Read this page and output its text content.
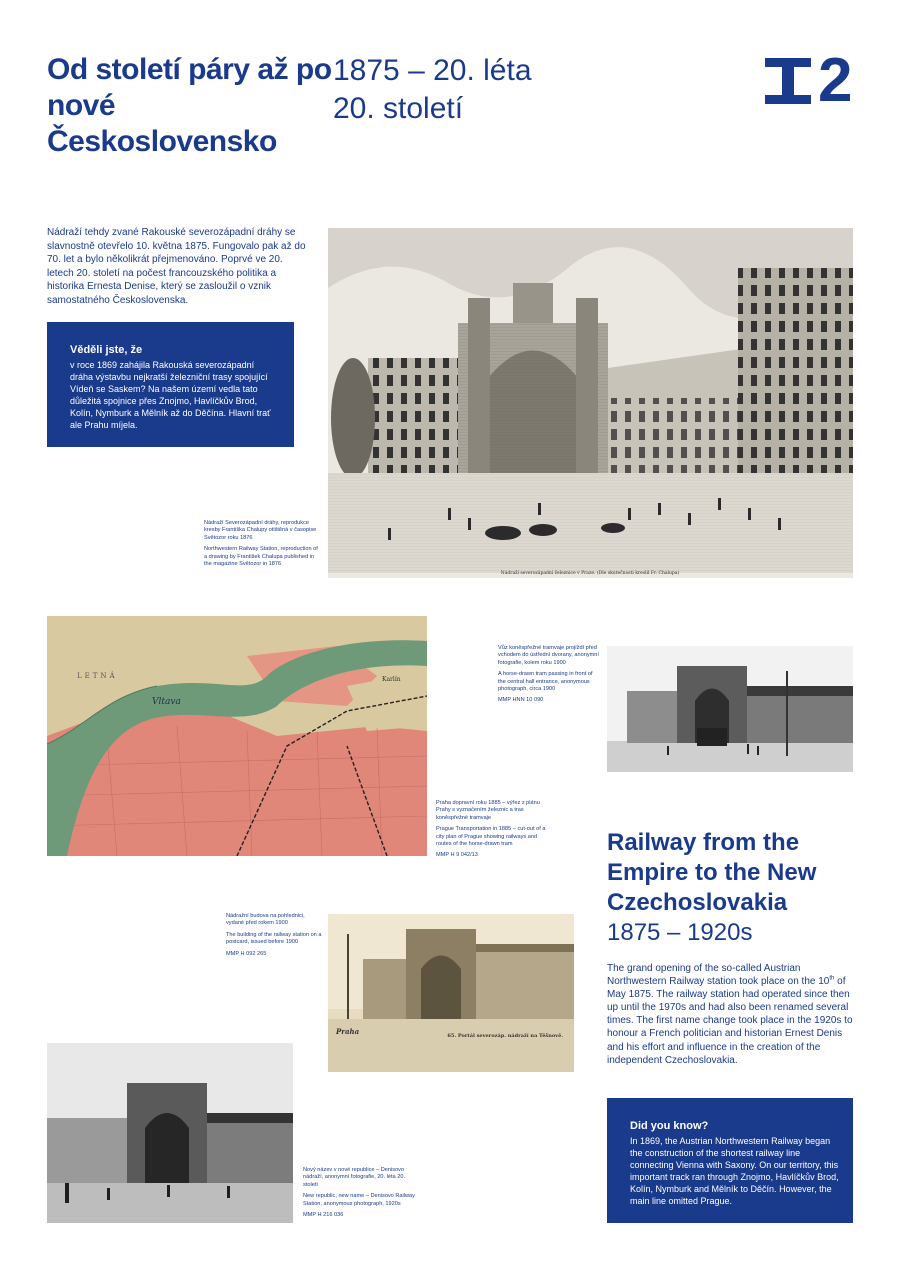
Od století páry až po nové Československo
1875 – 20. léta
20. století	2
Nádraží tehdy zvané Rakouské severozápadní dráhy se slavnostně otevřelo 10. května 1875. Fungovalo pak až do 70. let a bylo několikrát přejmenováno. Poprvé ve 20. letech 20. století na počest francouzského politika a historika Ernesta Denise, který se zasloužil o vznik samostatného Československa.
Věděli jste, že
v roce 1869 zahájila Rakouská severozápadní dráha výstavbu nejkratší železniční trasy spojující Vídeň se Saskem? Na našem území vedla tato důležitá spojnice přes Znojmo, Havlíčkův Brod, Kolín, Nymburk a Mělník až do Děčína. Hlavní trať ale Prahu míjela.
Nádraží severozápadní železnice v Praze. (Dle skutečnosti kreslil Fr. Chalupa)

Nádraží Severozápadní dráhy, reprodukce kresby Františka Chalupy otištěná v časopise Světozor roku 1876

Northwestern Railway Station, reproduction of a drawing by František Chalupa published in the magazine Světozor in 1876

Vltava
Karlín
LETNÁ

Praha dopravní roku 1885 – výřez z plánu Prahy s vyznačením železnic a tras koněspřežné tramvaje

Prague Transportation in 1885 – cut-out of a city plan of Prague showing railways and routes of the horse-drawn tram

MMP H 9 042/13

Vůz koněspřežné tramvaje projíždí před vchodem do ústřední dvorany, anonymní fotografie, kolem roku 1900

A horse-drawn tram passing in front of the central hall entrance, anonymous photograph, circa 1900

MMP HNN 10 090

Railway from the Empire to the New Czechoslovakia
1875 – 1920s
The grand opening of the so-called Austrian Northwestern Railway station took place on the 10th of May 1875. The railway station had operated since then up until the 1970s and had also been renamed several times. The first name change took place in the 1920s to honour a French politician and historian Ernest Denis and his effort and influence in the creation of the independent Czechoslovakia.

Nádražní budova na pohlednici, vydané před rokem 1900

The building of the railway station on a postcard, issued before 1900

MMP H 092 265

Praha	65. Portál severozáp. nádraží na Těšnově.

Nový název v nové republice – Denisovo nádraží, anonymní fotografie, 20. léta 20. století

New republic, new name – Denisovo Railway Station, anonymous photograph, 1920s

MMP H 216 036

Did you know?
In 1869, the Austrian Northwestern Railway began the construction of the shortest railway line connecting Vienna with Saxony. On our territory, this important track ran through Znojmo, Havlíčkův Brod, Kolín, Nymburk and Mělník to Děčín. However, the main line omitted Prague.
